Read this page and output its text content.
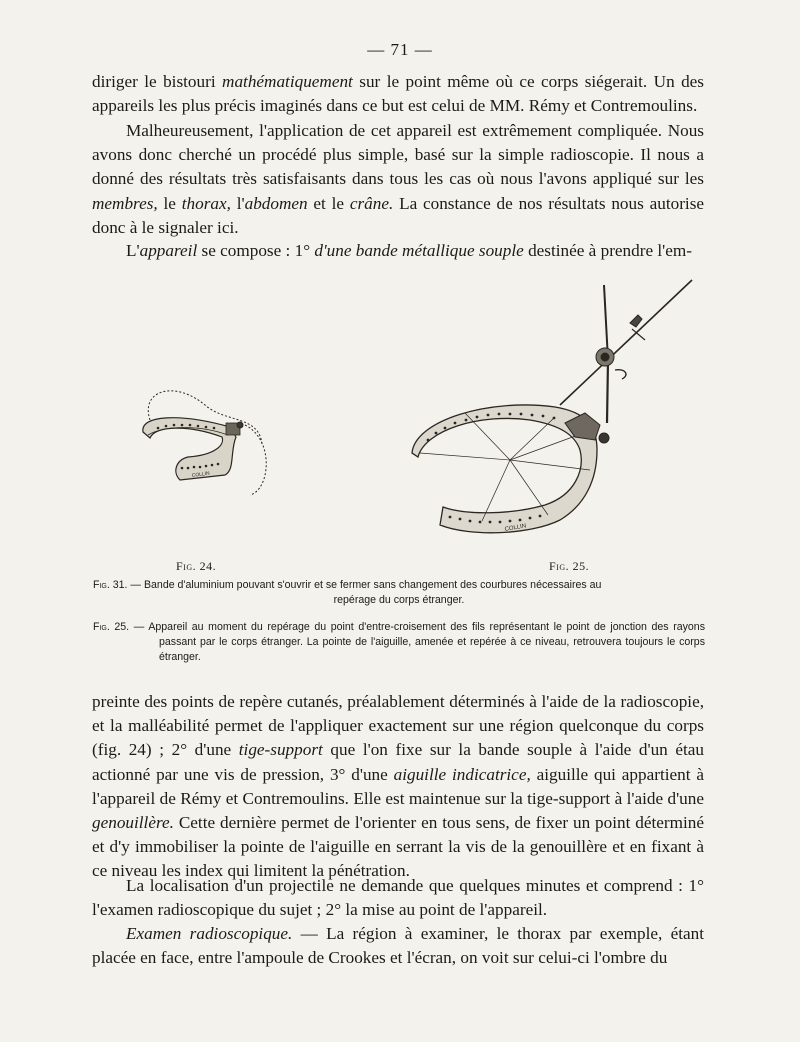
— 71 —

diriger le bistouri mathématiquement sur le point même où ce corps siégerait. Un des appareils les plus précis imaginés dans ce but est celui de MM. Rémy et Contremoulins.

Malheureusement, l'application de cet appareil est extrêmement compliquée. Nous avons donc cherché un procédé plus simple, basé sur la simple radioscopie. Il nous a donné des résultats très satisfaisants dans tous les cas où nous l'avons appliqué sur les membres, le thorax, l'abdomen et le crâne. La constance de nos résultats nous autorise donc à le signaler ici.

L'appareil se compose : 1° d'une bande métallique souple destinée à prendre l'em-

COLLIN
COLLIN
Fig. 24.	Fig. 25.
Fig. 31. — Bande d'aluminium pouvant s'ouvrir et se fermer sans changement des courbures nécessaires au
repérage du corps étranger.
Fig. 25. — Appareil au moment du repérage du point d'entre-croisement des fils représentant le point de jonction des rayons passant par le corps étranger. La pointe de l'aiguille, amenée et repérée à ce niveau, retrouvera toujours le corps étranger.

preinte des points de repère cutanés, préalablement déterminés à l'aide de la radioscopie, et la malléabilité permet de l'appliquer exactement sur une région quelconque du corps (fig. 24) ; 2° d'une tige-support que l'on fixe sur la bande souple à l'aide d'un étau actionné par une vis de pression, 3° d'une aiguille indicatrice, aiguille qui appartient à l'appareil de Rémy et Contremoulins. Elle est maintenue sur la tige-support à l'aide d'une genouillère. Cette dernière permet de l'orienter en tous sens, de fixer un point déterminé et d'y immobiliser la pointe de l'aiguille en serrant la vis de la genouillère et en fixant à ce niveau les index qui limitent la pénétration.

La localisation d'un projectile ne demande que quelques minutes et comprend : 1° l'examen radioscopique du sujet ; 2° la mise au point de l'appareil.

Examen radioscopique. — La région à examiner, le thorax par exemple, étant placée en face, entre l'ampoule de Crookes et l'écran, on voit sur celui-ci l'ombre du
